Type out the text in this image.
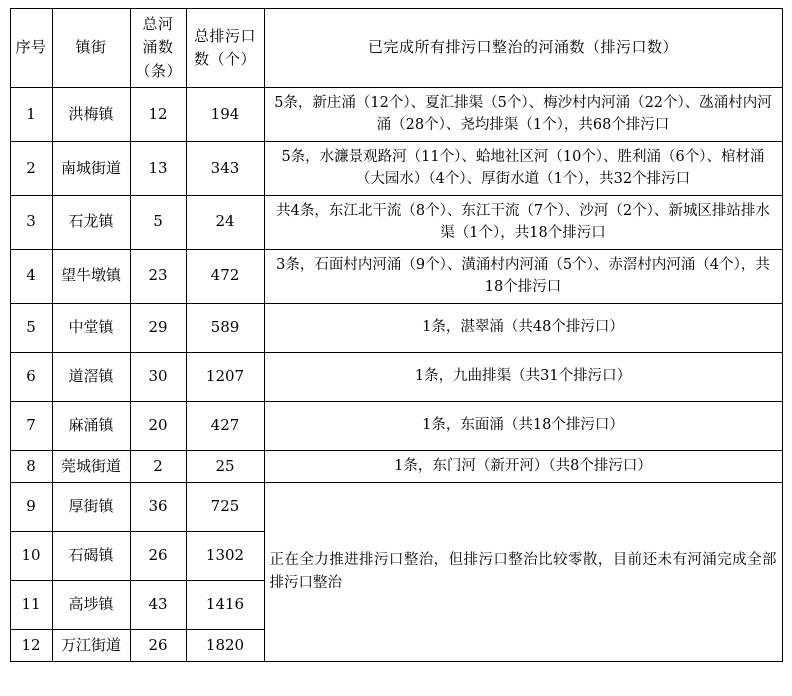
序号	镇街	总河涌数（条）	总排污口数（个）	已完成所有排污口整治的河涌数（排污口数）
1	洪梅镇	12	194	5条，新庄涌（12个）、夏汇排渠（5个）、梅沙村内河涌（22个）、氹涌村内河涌（28个）、尧均排渠（1个），共68个排污口
2	南城街道	13	343	5条，水濂景观路河（11个）、蛤地社区河（10个）、胜利涌（6个）、棺材涌（大园水）（4个）、厚街水道（1个），共32个排污口
3	石龙镇	5	24	共4条，东江北干流（8个）、东江干流（7个）、沙河（2个）、新城区排站排水渠（1个），共18个排污口
4	望牛墩镇	23	472	3条，石面村内河涌（9个）、潢涌村内河涌（5个）、赤滘村内河涌（4个），共18个排污口
5	中堂镇	29	589	1条，湛翠涌（共48个排污口）
6	道滘镇	30	1207	1条，九曲排渠（共31个排污口）
7	麻涌镇	20	427	1条，东面涌（共18个排污口）
8	莞城街道	2	25	1条，东门河（新开河）（共8个排污口）
9	厚街镇	36	725	正在全力推进排污口整治，但排污口整治比较零散，目前还未有河涌完成全部排污口整治
10	石碣镇	26	1302	
11	高埗镇	43	1416	
12	万江街道	26	1820	
